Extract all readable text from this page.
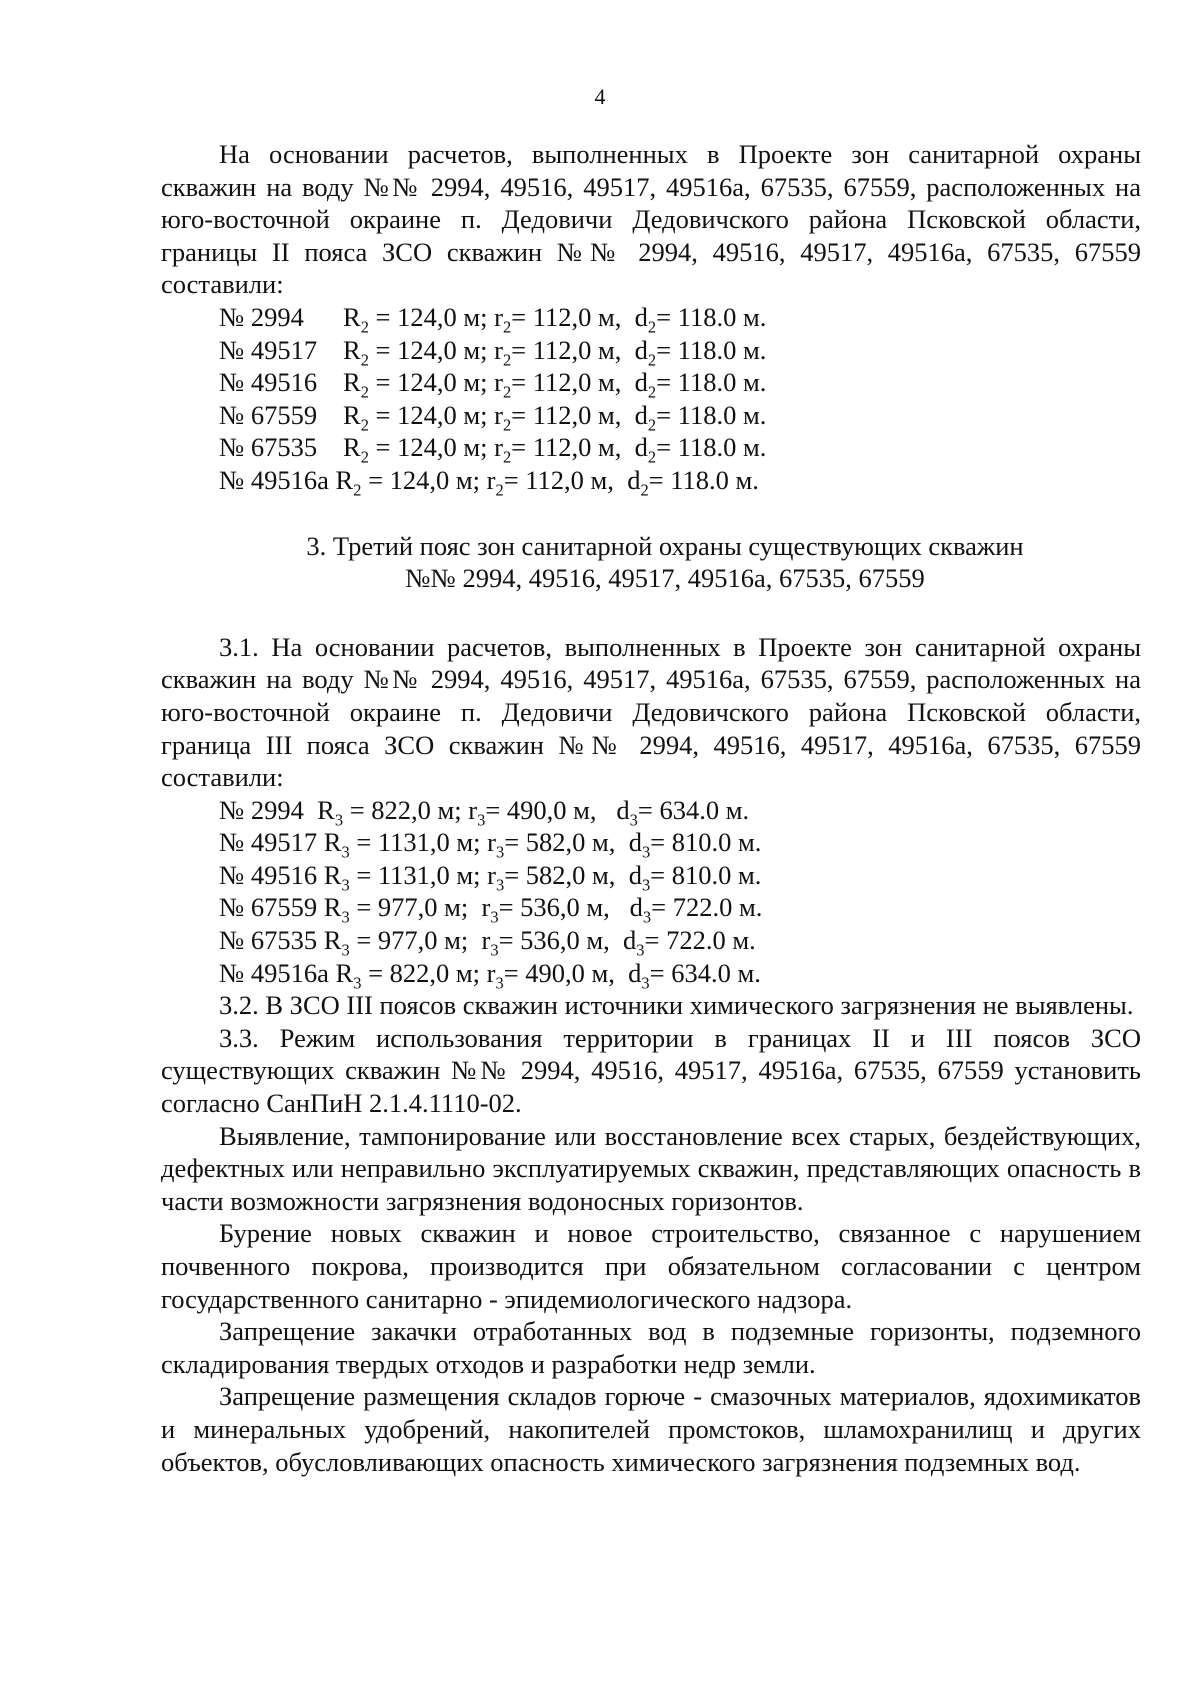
4

На основании расчетов, выполненных в Проекте зон санитарной охраны скважин на воду №№ 2994, 49516, 49517, 49516а, 67535, 67559, расположенных на юго-восточной окраине п. Дедовичи Дедовичского района Псковской области, границы II пояса ЗСО скважин №№ 2994, 49516, 49517, 49516а, 67535, 67559 составили:

№ 2994 $R_2 = 124,0$ м; $r_2= 112,0$ м,  $d_2= 118.0$ м.
№ 49517 $R_2 = 124,0$ м; $r_2= 112,0$ м,  $d_2= 118.0$ м.
№ 49516 $R_2 = 124,0$ м; $r_2= 112,0$ м,  $d_2= 118.0$ м.
№ 67559 $R_2 = 124,0$ м; $r_2= 112,0$ м,  $d_2= 118.0$ м.
№ 67535 $R_2 = 124,0$ м; $r_2= 112,0$ м,  $d_2= 118.0$ м.
№ 49516а $R_2 = 124,0$ м; $r_2= 112,0$ м,  $d_2= 118.0$ м.
3. Третий пояс зон санитарной охраны существующих скважин
№№ 2994, 49516, 49517, 49516а, 67535, 67559

3.1. На основании расчетов, выполненных в Проекте зон санитарной охраны скважин на воду №№ 2994, 49516, 49517, 49516а, 67535, 67559, расположенных на юго-восточной окраине п. Дедовичи Дедовичского района Псковской области, граница III пояса ЗСО скважин №№ 2994, 49516, 49517, 49516а, 67535, 67559 составили:

№ 2994  $R_3 = 822,0$ м; $r_3= 490,0$ м,   $d_3= 634.0$ м.
№ 49517 $R_3 = 1131,0$ м; $r_3= 582,0$ м,  $d_3= 810.0$ м.
№ 49516 $R_3 = 1131,0$ м; $r_3= 582,0$ м,  $d_3= 810.0$ м.
№ 67559 $R_3 = 977,0$ м;  $r_3= 536,0$ м,   $d_3= 722.0$ м.
№ 67535 $R_3 = 977,0$ м;  $r_3= 536,0$ м,  $d_3= 722.0$ м.
№ 49516а $R_3 = 822,0$ м; $r_3= 490,0$ м,  $d_3= 634.0$ м.

3.2. В ЗСО III поясов скважин источники химического загрязнения не выявлены.

3.3. Режим использования территории в границах II и III поясов ЗСО существующих скважин №№ 2994, 49516, 49517, 49516а, 67535, 67559 установить согласно СанПиН 2.1.4.1110-02.

Выявление, тампонирование или восстановление всех старых, бездействующих, дефектных или неправильно эксплуатируемых скважин, представляющих опасность в части возможности загрязнения водоносных горизонтов.

Бурение новых скважин и новое строительство, связанное с нарушением почвенного покрова, производится при обязательном согласовании с центром государственного санитарно - эпидемиологического надзора.

Запрещение закачки отработанных вод в подземные горизонты, подземного складирования твердых отходов и разработки недр земли.

Запрещение размещения складов горюче - смазочных материалов, ядохимикатов и минеральных удобрений, накопителей промстоков, шламохранилищ и других объектов, обусловливающих опасность химического загрязнения подземных вод.
